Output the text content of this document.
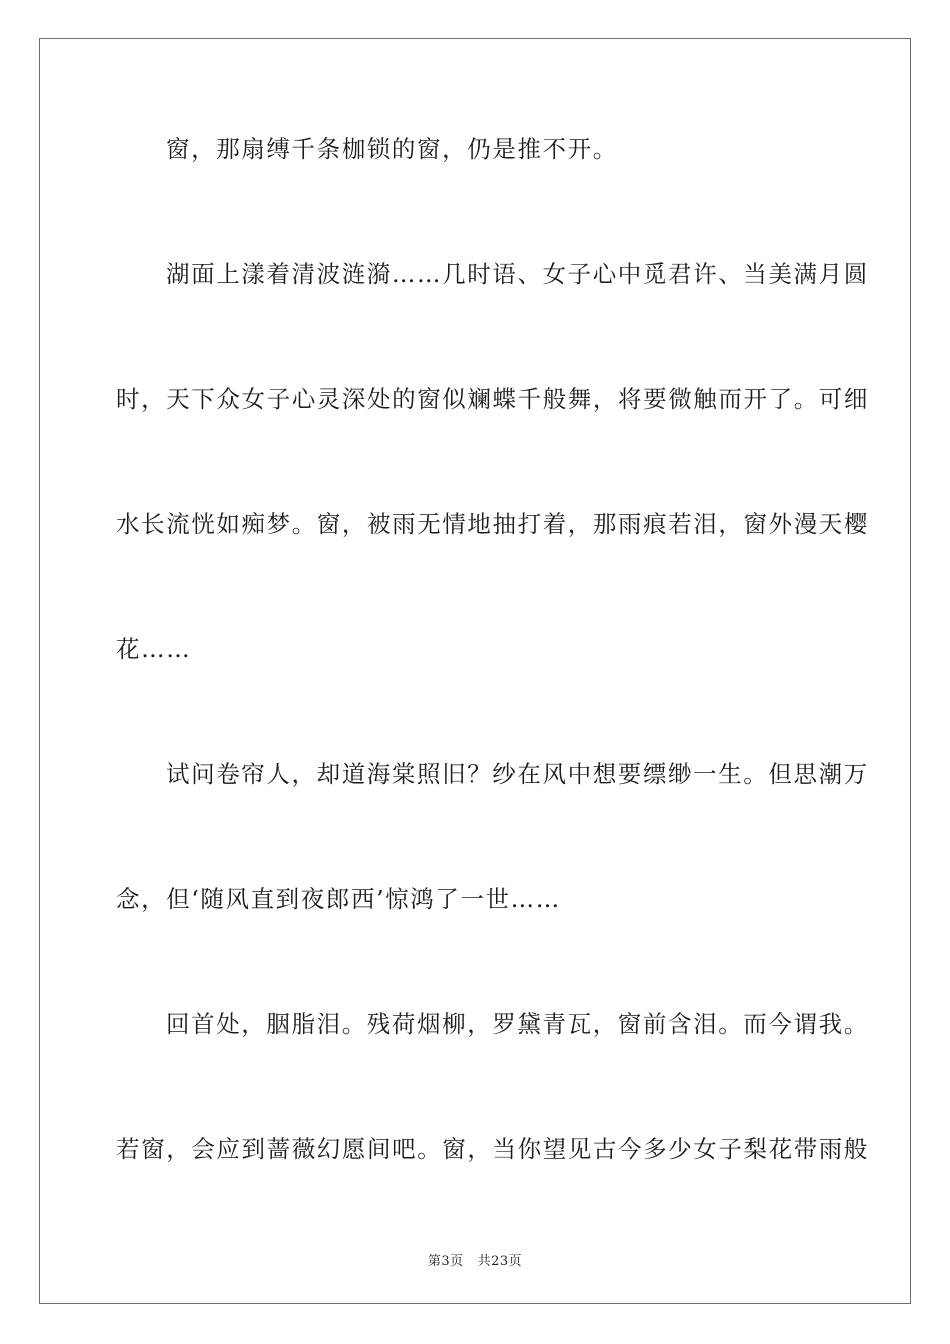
窗，那扇缚千条枷锁的窗，仍是推不开。
湖面上漾着清波涟漪……几时语、女子心中觅君许、当美满月圆
时，天下众女子心灵深处的窗似斓蝶千般舞，将要微触而开了。可细
水长流恍如痴梦。窗，被雨无情地抽打着，那雨痕若泪，窗外漫天樱
花……
试问卷帘人，却道海棠照旧？纱在风中想要缥缈一生。但思潮万
念，但‘随风直到夜郎西’惊鸿了一世……
回首处，胭脂泪。残荷烟柳，罗黛青瓦，窗前含泪。而今谓我。
若窗，会应到蔷薇幻愿间吧。窗，当你望见古今多少女子梨花带雨般
第3页 共23页
